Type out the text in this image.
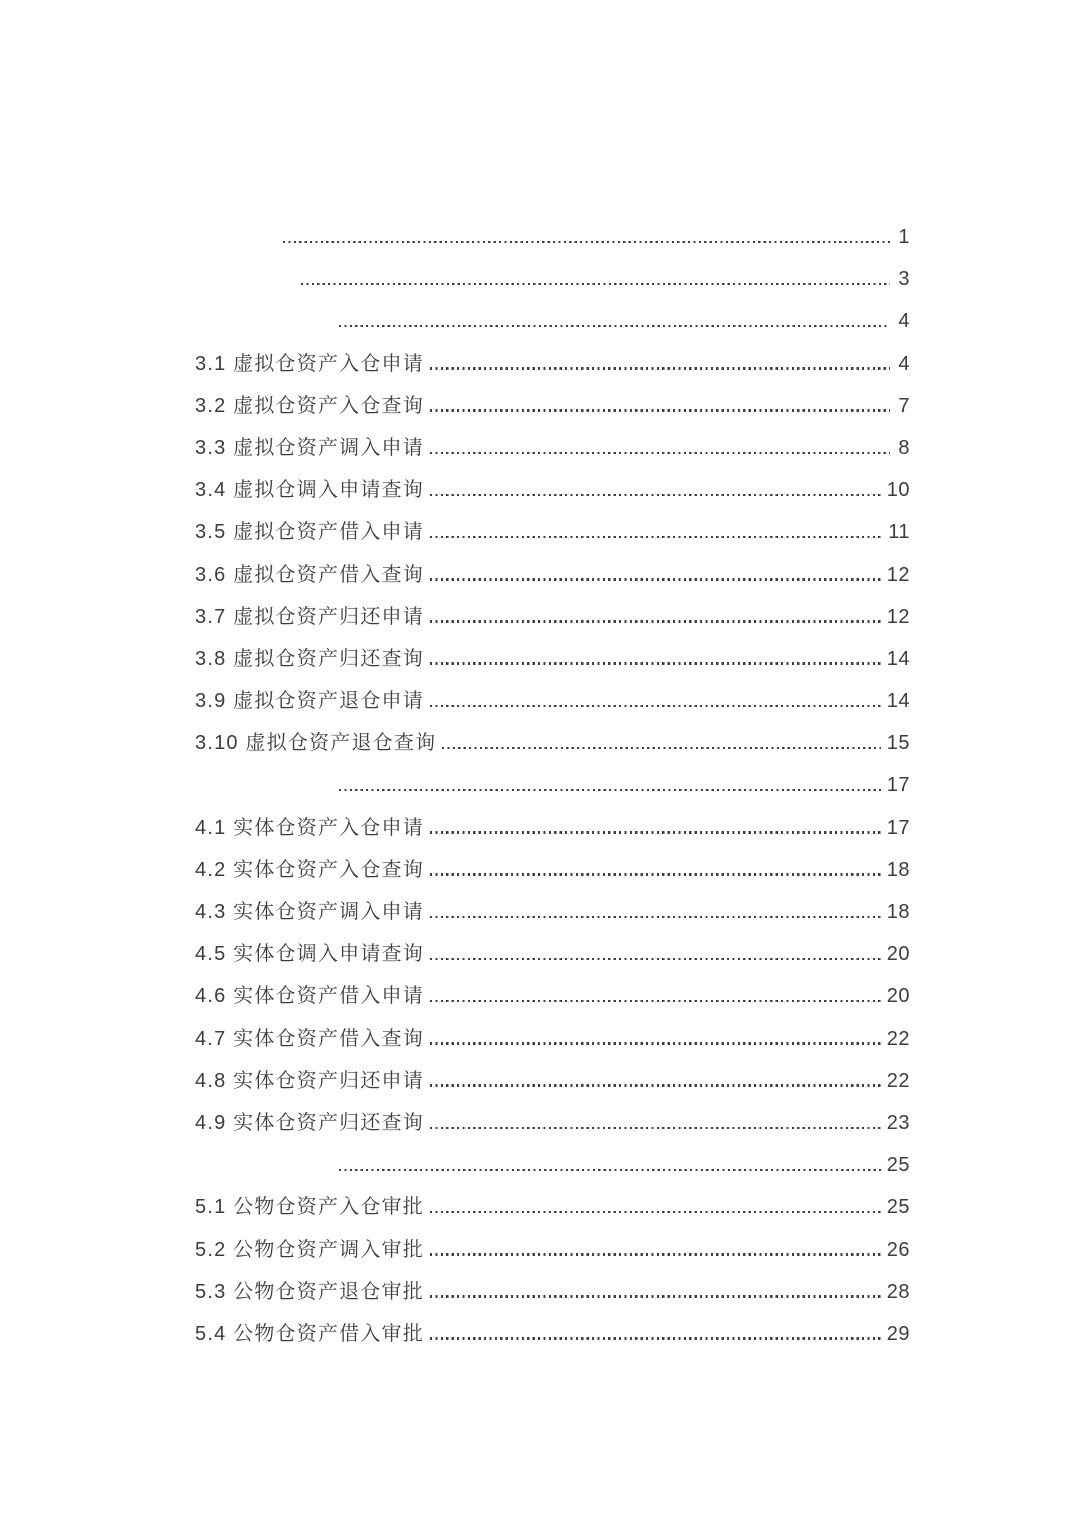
1
3
4
3.1 虚拟仓资产入仓申请	4
3.2 虚拟仓资产入仓查询	7
3.3 虚拟仓资产调入申请	8
3.4 虚拟仓调入申请查询	10
3.5 虚拟仓资产借入申请	11
3.6 虚拟仓资产借入查询	12
3.7 虚拟仓资产归还申请	12
3.8 虚拟仓资产归还查询	14
3.9 虚拟仓资产退仓申请	14
3.10 虚拟仓资产退仓查询	15
17
4.1 实体仓资产入仓申请	17
4.2 实体仓资产入仓查询	18
4.3 实体仓资产调入申请	18
4.5 实体仓调入申请查询	20
4.6 实体仓资产借入申请	20
4.7 实体仓资产借入查询	22
4.8 实体仓资产归还申请	22
4.9 实体仓资产归还查询	23
25
5.1 公物仓资产入仓审批	25
5.2 公物仓资产调入审批	26
5.3 公物仓资产退仓审批	28
5.4 公物仓资产借入审批	29
